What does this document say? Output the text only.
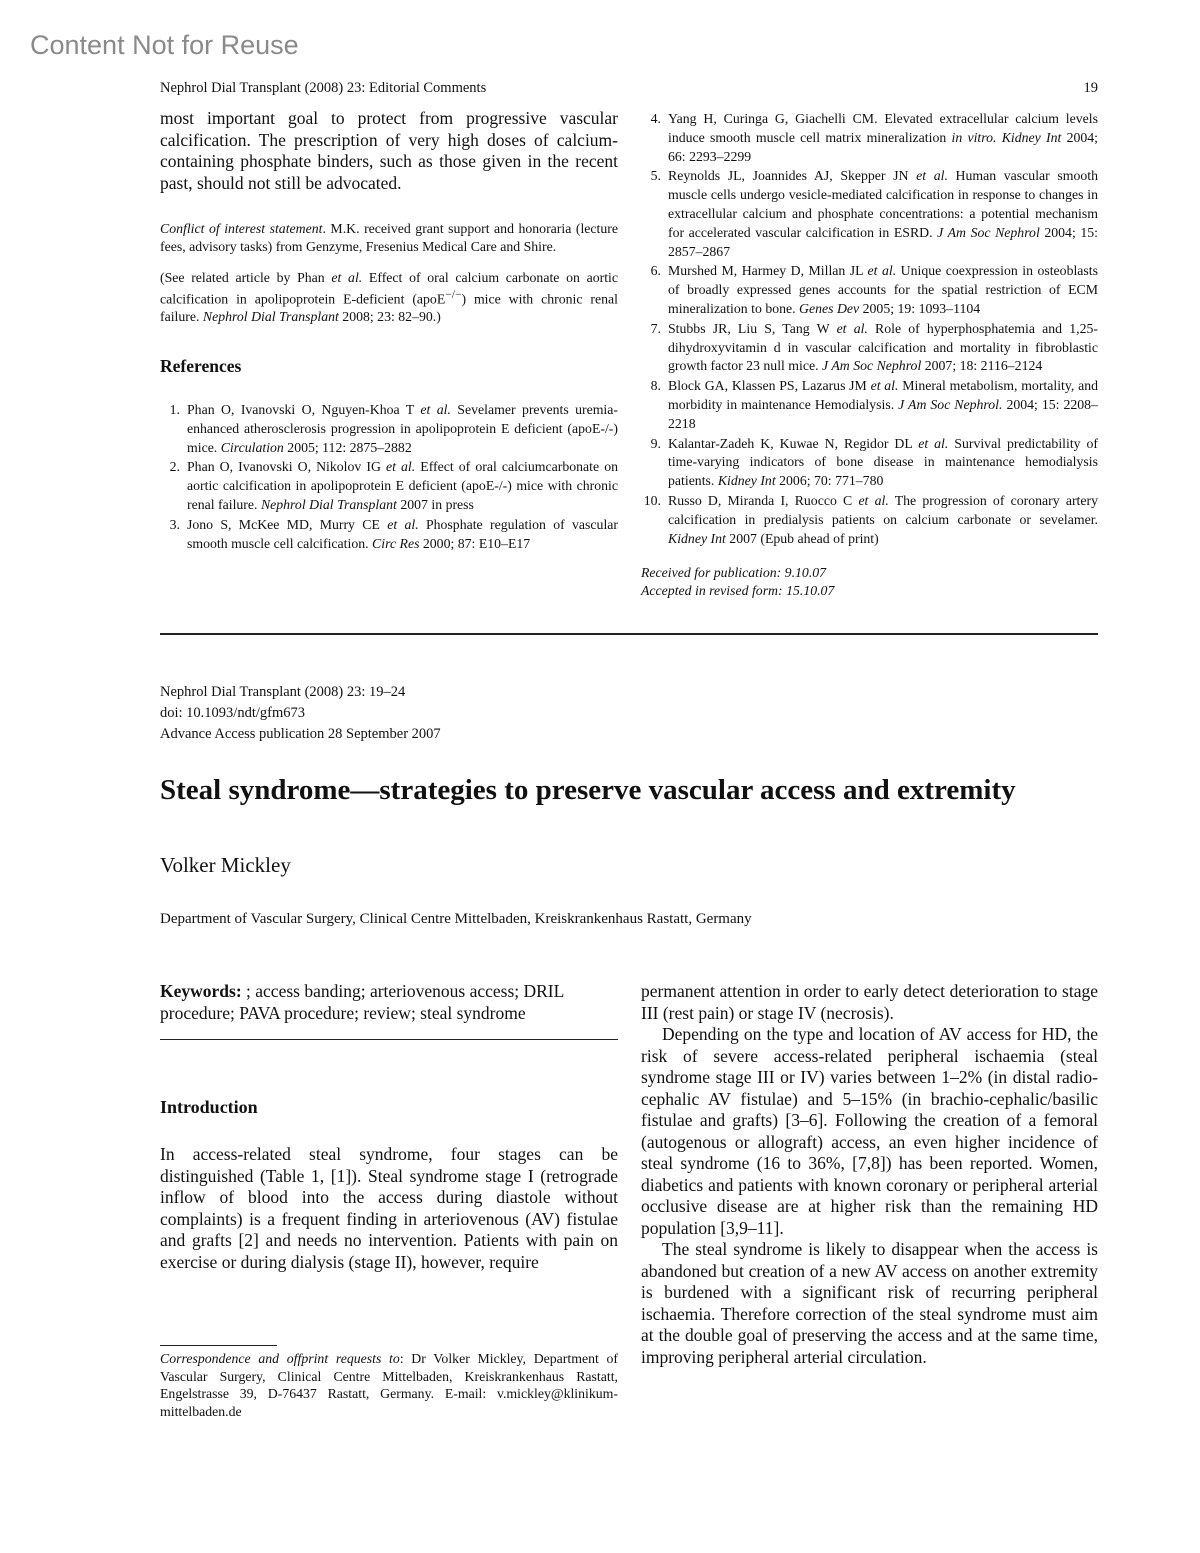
Content Not for Reuse
Nephrol Dial Transplant (2008) 23: Editorial Comments	19

most important goal to protect from progressive vascular calcification. The prescription of very high doses of calcium-containing phosphate binders, such as those given in the recent past, should not still be advocated.

Conflict of interest statement. M.K. received grant support and honoraria (lecture fees, advisory tasks) from Genzyme, Fresenius Medical Care and Shire.

(See related article by Phan et al. Effect of oral calcium carbonate on aortic calcification in apolipoprotein E-deficient (apoE−/−) mice with chronic renal failure. Nephrol Dial Transplant 2008; 23: 82–90.)

References
1. Phan O, Ivanovski O, Nguyen-Khoa T et al. Sevelamer prevents uremia-enhanced atherosclerosis progression in apolipoprotein E deficient (apoE-/-) mice. Circulation 2005; 112: 2875–2882
2. Phan O, Ivanovski O, Nikolov IG et al. Effect of oral calciumcarbonate on aortic calcification in apolipoprotein E deficient (apoE-/-) mice with chronic renal failure. Nephrol Dial Transplant 2007 in press
3. Jono S, McKee MD, Murry CE et al. Phosphate regulation of vascular smooth muscle cell calcification. Circ Res 2000; 87: E10–E17
4. Yang H, Curinga G, Giachelli CM. Elevated extracellular calcium levels induce smooth muscle cell matrix mineralization in vitro. Kidney Int 2004; 66: 2293–2299
5. Reynolds JL, Joannides AJ, Skepper JN et al. Human vascular smooth muscle cells undergo vesicle-mediated calcification in response to changes in extracellular calcium and phosphate concentrations: a potential mechanism for accelerated vascular calcification in ESRD. J Am Soc Nephrol 2004; 15: 2857–2867
6. Murshed M, Harmey D, Millan JL et al. Unique coexpression in osteoblasts of broadly expressed genes accounts for the spatial restriction of ECM mineralization to bone. Genes Dev 2005; 19: 1093–1104
7. Stubbs JR, Liu S, Tang W et al. Role of hyperphosphatemia and 1,25-dihydroxyvitamin d in vascular calcification and mortality in fibroblastic growth factor 23 null mice. J Am Soc Nephrol 2007; 18: 2116–2124
8. Block GA, Klassen PS, Lazarus JM et al. Mineral metabolism, mortality, and morbidity in maintenance Hemodialysis. J Am Soc Nephrol. 2004; 15: 2208–2218
9. Kalantar-Zadeh K, Kuwae N, Regidor DL et al. Survival predictability of time-varying indicators of bone disease in maintenance hemodialysis patients. Kidney Int 2006; 70: 771–780
10. Russo D, Miranda I, Ruocco C et al. The progression of coronary artery calcification in predialysis patients on calcium carbonate or sevelamer. Kidney Int 2007 (Epub ahead of print)
Received for publication: 9.10.07
Accepted in revised form: 15.10.07
Nephrol Dial Transplant (2008) 23: 19–24
doi: 10.1093/ndt/gfm673
Advance Access publication 28 September 2007
Steal syndrome—strategies to preserve vascular access and extremity
Volker Mickley
Department of Vascular Surgery, Clinical Centre Mittelbaden, Kreiskrankenhaus Rastatt, Germany

Keywords: ; access banding; arteriovenous access; DRIL procedure; PAVA procedure; review; steal syndrome

Introduction

In access-related steal syndrome, four stages can be distinguished (Table 1, [1]). Steal syndrome stage I (retrograde inflow of blood into the access during diastole without complaints) is a frequent finding in arteriovenous (AV) fistulae and grafts [2] and needs no intervention. Patients with pain on exercise or during dialysis (stage II), however, require

Correspondence and offprint requests to: Dr Volker Mickley, Department of Vascular Surgery, Clinical Centre Mittelbaden, Kreiskrankenhaus Rastatt, Engelstrasse 39, D-76437 Rastatt, Germany. E-mail: v.mickley@klinikum-mittelbaden.de

permanent attention in order to early detect deterioration to stage III (rest pain) or stage IV (necrosis).

Depending on the type and location of AV access for HD, the risk of severe access-related peripheral ischaemia (steal syndrome stage III or IV) varies between 1–2% (in distal radio-cephalic AV fistulae) and 5–15% (in brachio-cephalic/basilic fistulae and grafts) [3–6]. Following the creation of a femoral (autogenous or allograft) access, an even higher incidence of steal syndrome (16 to 36%, [7,8]) has been reported. Women, diabetics and patients with known coronary or peripheral arterial occlusive disease are at higher risk than the remaining HD population [3,9–11].

The steal syndrome is likely to disappear when the access is abandoned but creation of a new AV access on another extremity is burdened with a significant risk of recurring peripheral ischaemia. Therefore correction of the steal syndrome must aim at the double goal of preserving the access and at the same time, improving peripheral arterial circulation.
